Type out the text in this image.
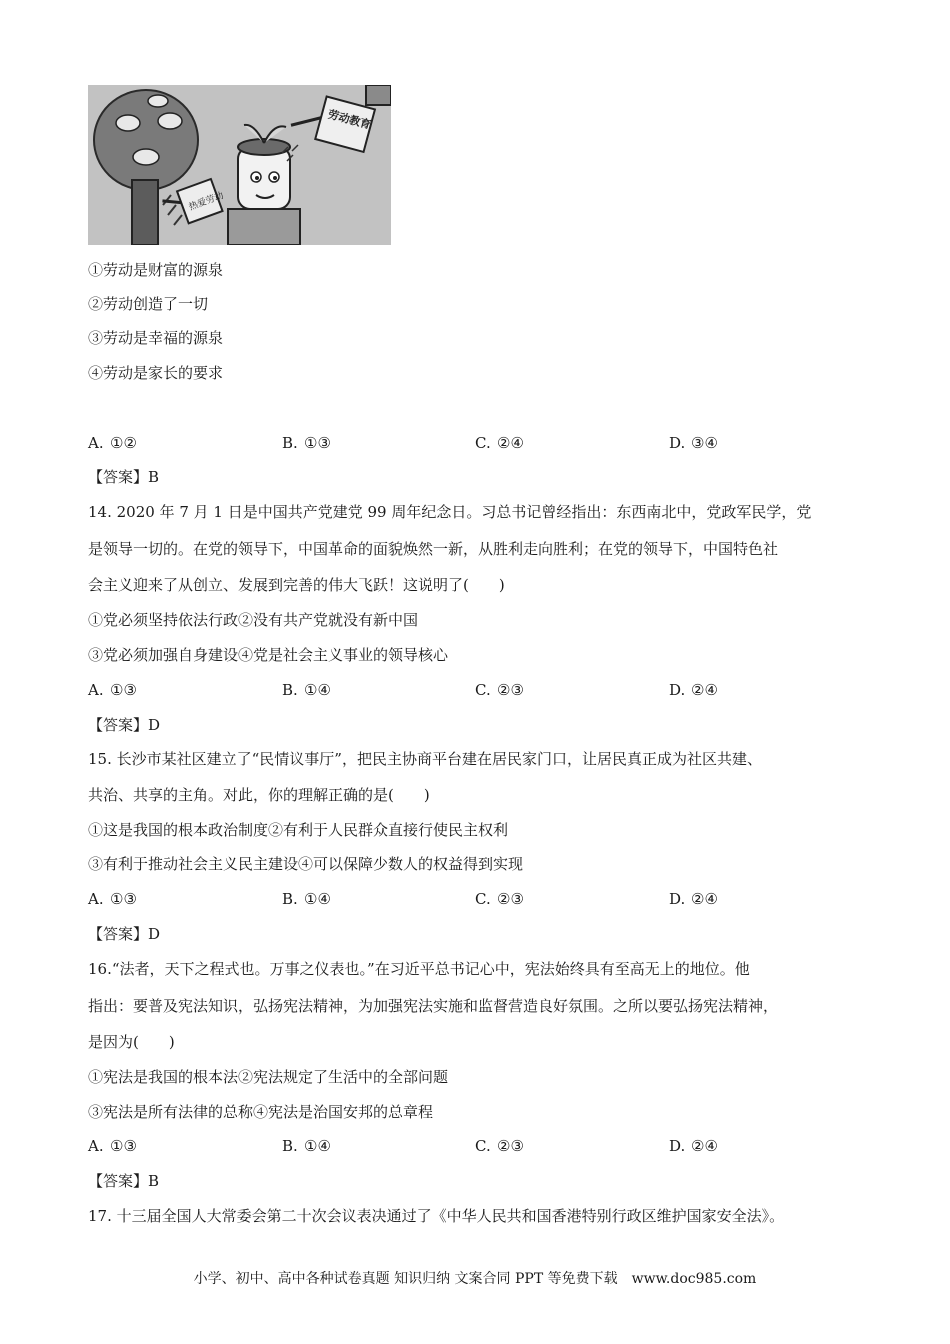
热爱劳动
劳动教育
①劳动是财富的源泉
②劳动创造了一切
③劳动是幸福的源泉
④劳动是家长的要求
A. ①②	B. ①③	C. ②④	D. ③④
【答案】B
14. 2020 年 7 月 1 日是中国共产党建党 99 周年纪念日。习总书记曾经指出：东西南北中，党政军民学，党
是领导一切的。在党的领导下，中国革命的面貌焕然一新，从胜利走向胜利；在党的领导下，中国特色社
会主义迎来了从创立、发展到完善的伟大飞跃！这说明了(　　)
①党必须坚持依法行政②没有共产党就没有新中国
③党必须加强自身建设④党是社会主义事业的领导核心
A. ①③	B. ①④	C. ②③	D. ②④
【答案】D
15. 长沙市某社区建立了“民情议事厅”，把民主协商平台建在居民家门口，让居民真正成为社区共建、
共治、共享的主角。对此，你的理解正确的是(　　)
①这是我国的根本政治制度②有利于人民群众直接行使民主权利
③有利于推动社会主义民主建设④可以保障少数人的权益得到实现
A. ①③	B. ①④	C. ②③	D. ②④
【答案】D
16.“法者，天下之程式也。万事之仪表也。”在习近平总书记心中，宪法始终具有至高无上的地位。他
指出：要普及宪法知识，弘扬宪法精神，为加强宪法实施和监督营造良好氛围。之所以要弘扬宪法精神，
是因为(　　)
①宪法是我国的根本法②宪法规定了生活中的全部问题
③宪法是所有法律的总称④宪法是治国安邦的总章程
A. ①③	B. ①④	C. ②③	D. ②④
【答案】B
17. 十三届全国人大常委会第二十次会议表决通过了《中华人民共和国香港特别行政区维护国家安全法》。
小学、初中、高中各种试卷真题 知识归纳 文案合同 PPT 等免费下载　www.doc985.com
